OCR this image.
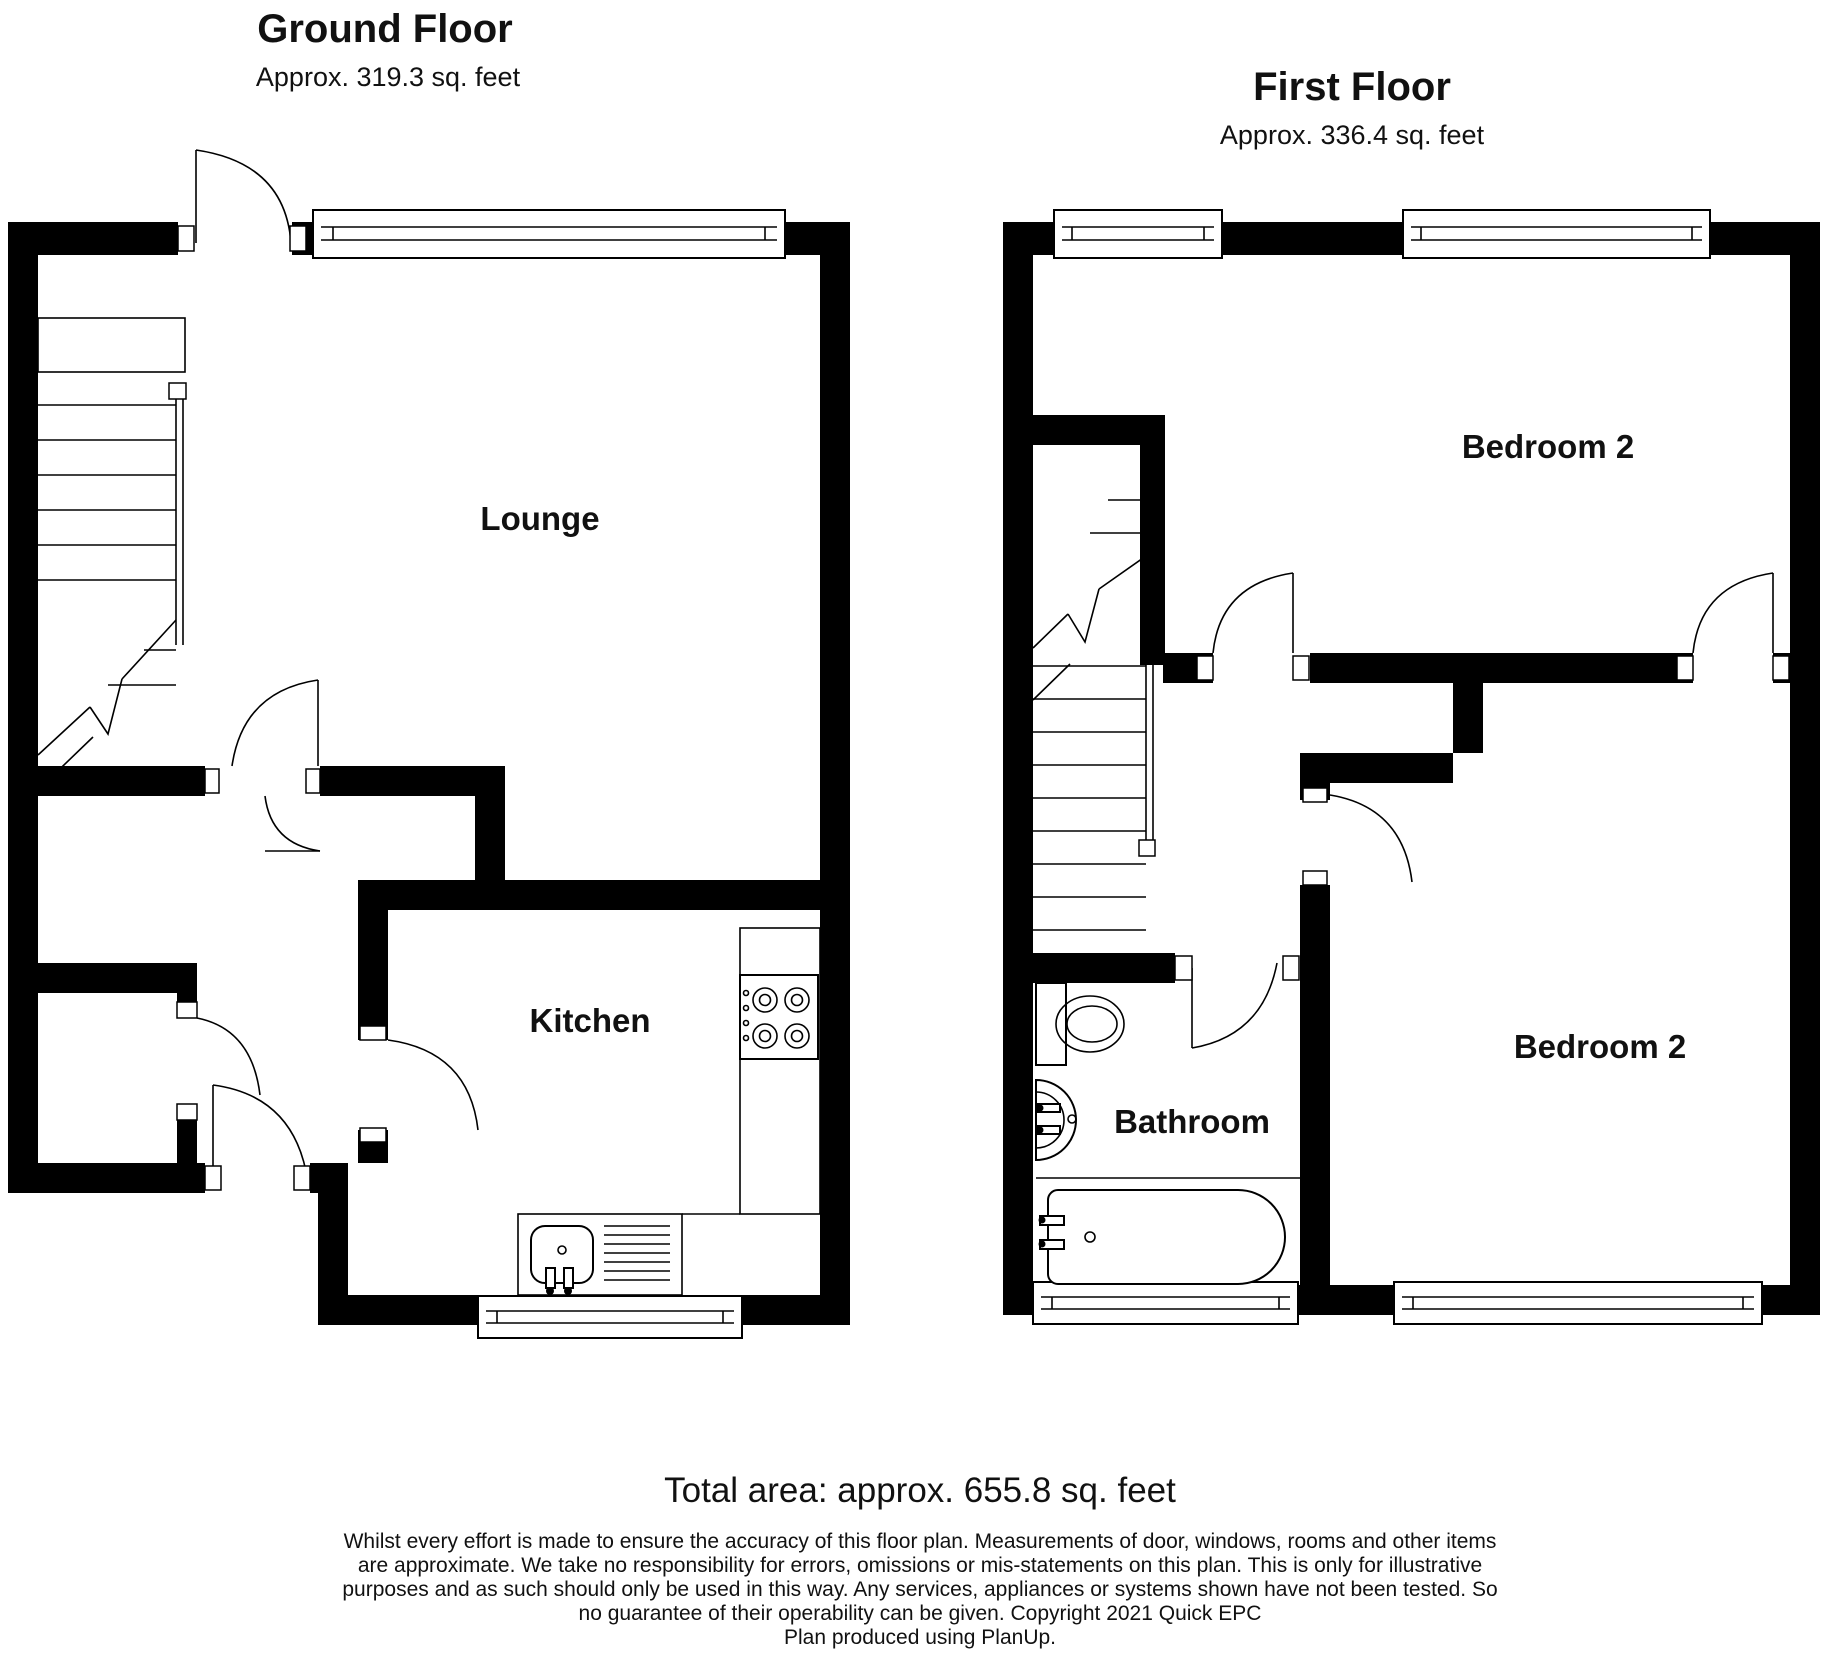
Ground Floor
Approx. 319.3 sq. feet
Lounge
Kitchen
First Floor
Approx. 336.4 sq. feet
Bedroom 2
Bedroom 2
Bathroom
Total area: approx. 655.8 sq. feet
Whilst every effort is made to ensure the accuracy of this floor plan. Measurements of door, windows, rooms and other items
are approximate. We take no responsibility for errors, omissions or mis-statements on this plan. This is only for illustrative
purposes and as such should only be used in this way. Any services, appliances or systems shown have not been tested. So
no guarantee of their operability can be given. Copyright 2021 Quick EPC
Plan produced using PlanUp.
